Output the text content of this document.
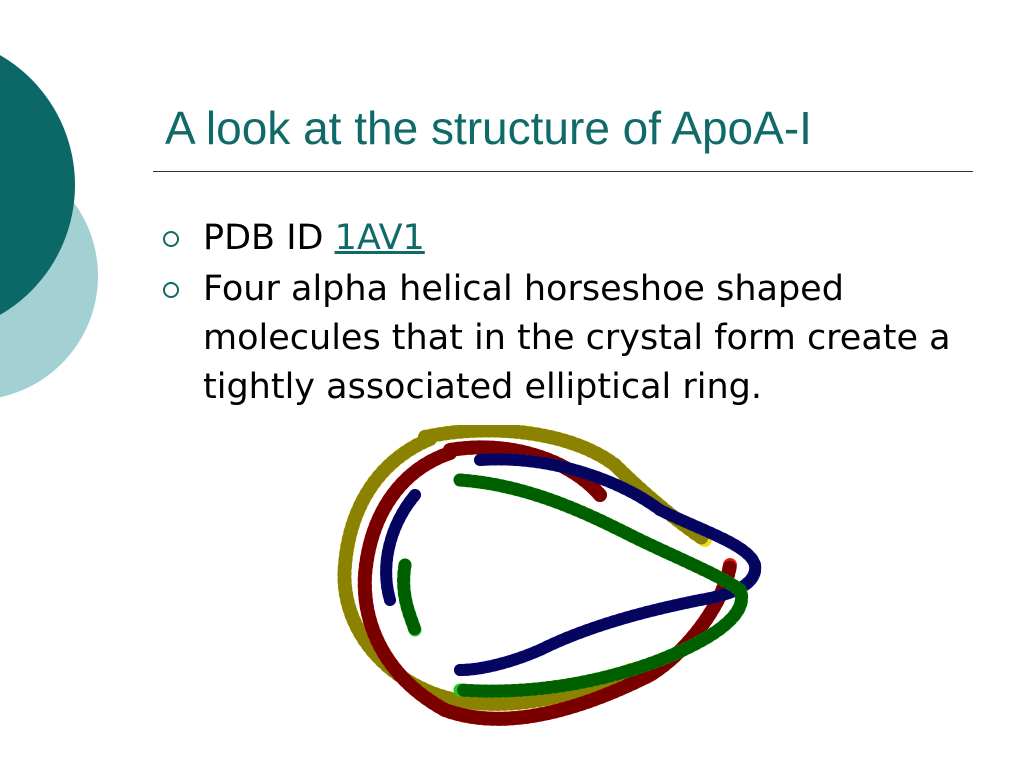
A look at the structure of ApoA-I
PDB ID 1AV1
Four alpha helical horseshoe shaped molecules that in the crystal form create a tightly associated elliptical ring.
